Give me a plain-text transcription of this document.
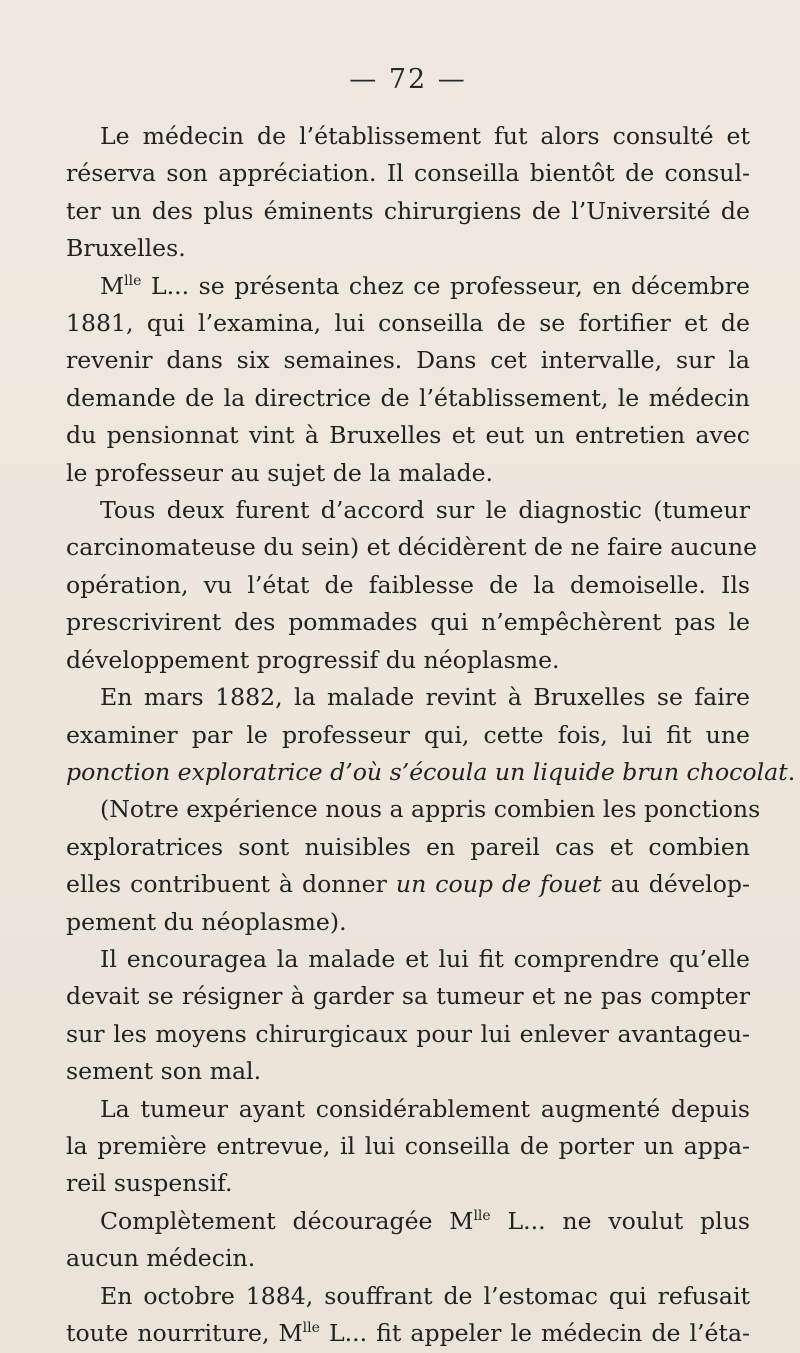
— 72 —
Le médecin de l’établissement fut alors consulté et
réserva son appréciation. Il conseilla bientôt de consul-
ter un des plus éminents chirurgiens de l’Université de
Bruxelles.
$M^{lle}$ L... se présenta chez ce professeur, en décembre
1881, qui l’examina, lui conseilla de se fortifier et de
revenir dans six semaines. Dans cet intervalle, sur la
demande de la directrice de l’établissement, le médecin
du pensionnat vint à Bruxelles et eut un entretien avec
le professeur au sujet de la malade.
Tous deux furent d’accord sur le diagnostic (tumeur
carcinomateuse du sein) et décidèrent de ne faire aucune
opération, vu l’état de faiblesse de la demoiselle. Ils
prescrivirent des pommades qui n’empêchèrent pas le
développement progressif du néoplasme.
En mars 1882, la malade revint à Bruxelles se faire
examiner par le professeur qui, cette fois, lui fit une
ponction exploratrice d’où s’écoula un liquide brun chocolat.
(Notre expérience nous a appris combien les ponctions
exploratrices sont nuisibles en pareil cas et combien
elles contribuent à donner un coup de fouet au dévelop-
pement du néoplasme).
Il encouragea la malade et lui fit comprendre qu’elle
devait se résigner à garder sa tumeur et ne pas compter
sur les moyens chirurgicaux pour lui enlever avantageu-
sement son mal.
La tumeur ayant considérablement augmenté depuis
la première entrevue, il lui conseilla de porter un appa-
reil suspensif.
Complètement découragée $M^{lle}$ L... ne voulut plus
aucun médecin.
En octobre 1884, souffrant de l’estomac qui refusait
toute nourriture, $M^{lle}$ L... fit appeler le médecin de l’éta-
